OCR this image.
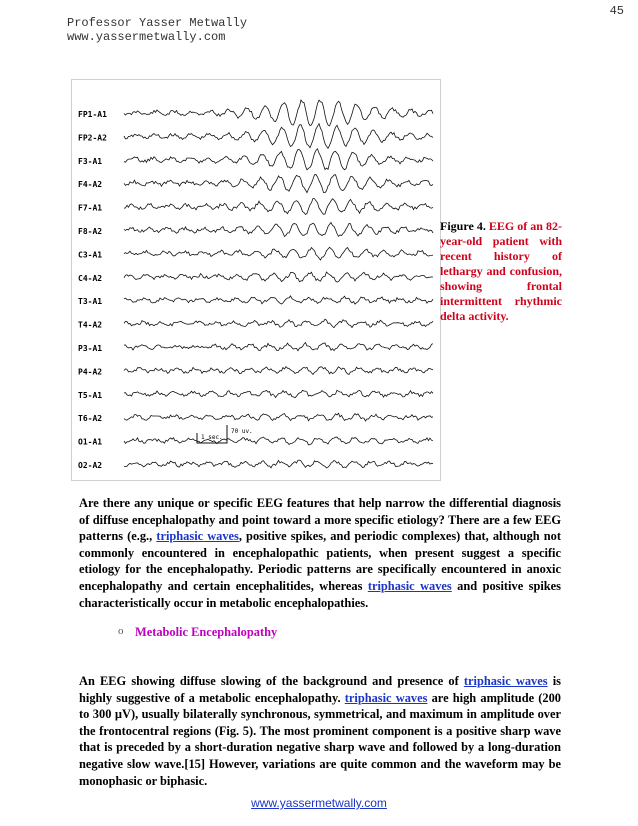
Professor Yasser Metwally
www.yassermetwally.com
45
FP1-A1
FP2-A2
F3-A1
F4-A2
F7-A1
F8-A2
C3-A1
C4-A2
T3-A1
T4-A2
P3-A1
P4-A2
T5-A1
T6-A2
O1-A1
O2-A2
1 sec.
70 uv.
Figure 4. EEG of an 82-year-old patient with recent history of lethargy and confusion, showing frontal intermittent rhythmic delta activity.
Are there any unique or specific EEG features that help narrow the differential diagnosis of diffuse encephalopathy and point toward a more specific etiology? There are a few EEG patterns (e.g., triphasic waves, positive spikes, and periodic complexes) that, although not commonly encountered in encephalopathic patients, when present suggest a specific etiology for the encephalopathy. Periodic patterns are specifically encountered in anoxic encephalopathy and certain encephalitides, whereas triphasic waves and positive spikes characteristically occur in metabolic encephalopathies.
o Metabolic Encephalopathy
An EEG showing diffuse slowing of the background and presence of triphasic waves is highly suggestive of a metabolic encephalopathy. triphasic waves are high amplitude (200 to 300 µV), usually bilaterally synchronous, symmetrical, and maximum in amplitude over the frontocentral regions (Fig. 5). The most prominent component is a positive sharp wave that is preceded by a short-duration negative sharp wave and followed by a long-duration negative slow wave.[15] However, variations are quite common and the waveform may be monophasic or biphasic.
www.yassermetwally.com
